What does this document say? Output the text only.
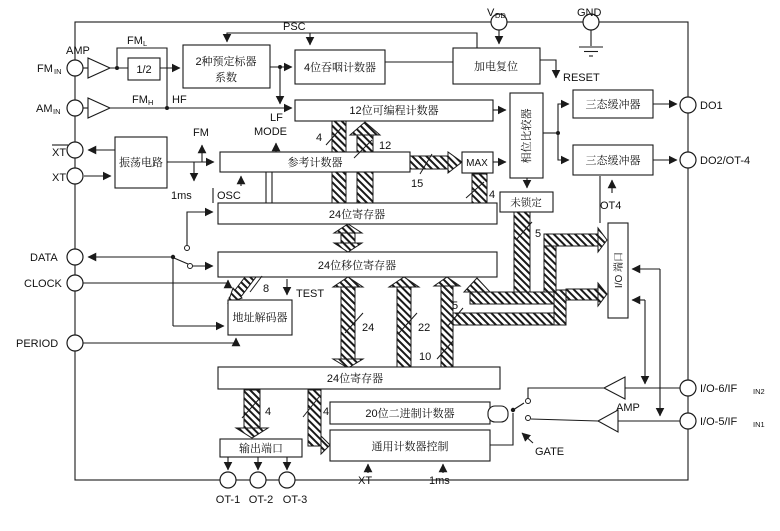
V DD	GND
FM IN
AM IN
XT
XT
DATA
CLOCK
PERIOD
DO1
DO2/OT-4
I/O-6/IF IN2
I/O-5/IF IN1
OT-1 OT-2 OT-3
1/2
2种预定标器
系数
4位吞咽计数器	加电复位
12位可编程计数器
参考计数器	MAX	相位比较器
三态缓冲器
三态缓冲器
未锁定
24位寄存器
24位移位寄存器
地址解码器
24位寄存器
I/O 端口
输出端口
20位二进制计数器
通用计数器控制
振荡电路
AMP
AMP
FM L
FM H HF
LF
MODE
FM
PSC
RESET
OT4
OSC
1ms
1ms
XT
TEST
GATE
4
12
15
4
8
24	22
10
5
5
4	4
